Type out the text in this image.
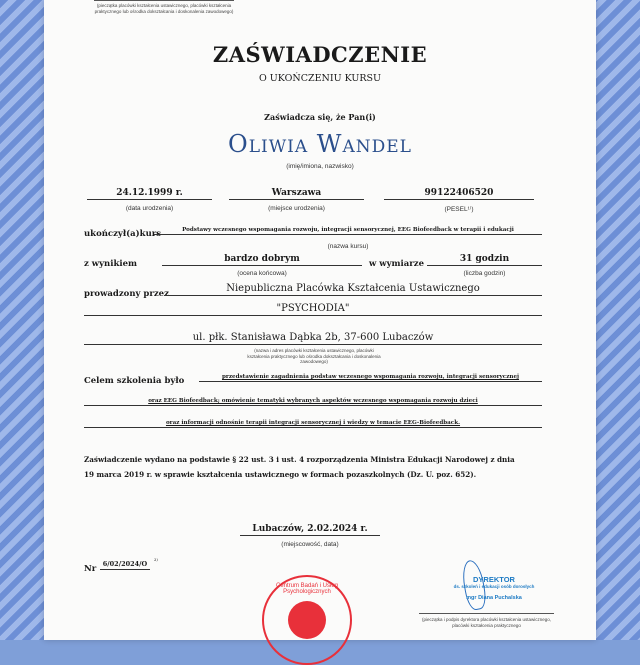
(pieczątka placówki kształcenia ustawicznego, placówki kształcenia praktycznego lub ośrodka dokształcania i doskonalenia zawodowego)
ZAŚWIADCZENIE
O UKOŃCZENIU KURSU
Zaświadcza się, że Pan(i)
Oliwia Wandel
(imię/imiona, nazwisko)
24.12.1999 r.
(data urodzenia)
Warszawa
(miejsce urodzenia)
99122406520
(PESEL¹⁾)
ukończył(a)kurs	Podstawy wczesnego wspomagania rozwoju, integracji sensorycznej, EEG Biofeedback w terapii i edukacji
(nazwa kursu)
z wynikiem	bardzo dobrym
(ocena końcowa)
w wymiarze	31 godzin
(liczba godzin)
prowadzony przez	Niepubliczna Placówka Kształcenia Ustawicznego
"PSYCHODIA"
ul. płk. Stanisława Dąbka 2b, 37-600 Lubaczów
(nazwa i adres placówki kształcenia ustawicznego, placówki kształcenia praktycznego lub ośrodka dokształcania i doskonalenia zawodowego)
Celem szkolenia było	przedstawienie zagadnienia podstaw wczesnego wspomagania rozwoju, integracji sensorycznej
oraz EEG Biofeedback; omówienie tematyki wybranych aspektów wczesnego wspomagania rozwoju dzieci
oraz informacji odnośnie terapii integracji sensorycznej i wiedzy w temacie EEG-Biofeedback.
Zaświadczenie wydano na podstawie § 22 ust. 3 i ust. 4 rozporządzenia Ministra Edukacji Narodowej z dnia
19 marca 2019 r. w sprawie kształcenia ustawicznego w formach pozaszkolnych (Dz. U. poz. 652).
Lubaczów, 2.02.2024 r.
(miejscowość, data)
Nr	6/02/2024/O	²⁾
Centrum Badań i Usług Psychologicznych
DYREKTOR
ds. szkoleń i edukacji osób dorosłych
mgr Diana Puchalska
(pieczątka i podpis dyrektora placówki kształcenia ustawicznego, placówki kształcenia praktycznego
